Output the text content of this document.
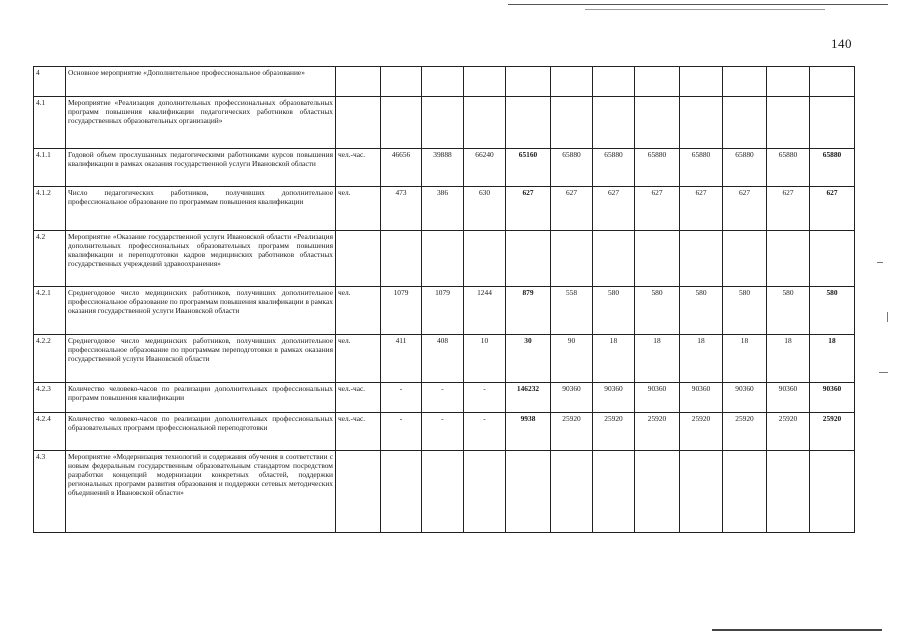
140
4	Основное мероприятие «Дополнительное профессиональное образование»												
4.1	Мероприятие «Реализация дополнительных профессиональных образовательных программ повышения квалификации педагогических работников областных государственных образовательных организаций»												
4.1.1	Годовой объем прослушанных педагогическими работниками курсов повышения квалификации в рамках оказания государственной услуги Ивановской области	чел.-час.	46656	39888	66240	65160	65880	65880	65880	65880	65880	65880	65880
4.1.2	Число педагогических работников, получивших дополнительное профессиональное образование по программам повышения квалификации	чел.	473	386	630	627	627	627	627	627	627	627	627
4.2	Мероприятие «Оказание государственной услуги Ивановской области «Реализация дополнительных профессиональных образовательных программ повышения квалификации и переподготовки кадров медицинских работников областных государственных учреждений здравоохранения»												
4.2.1	Среднегодовое число медицинских работников, получивших дополнительное профессиональное образование по программам повышения квалификации в рамках оказания государственной услуги Ивановской области	чел.	1079	1079	1244	879	558	580	580	580	580	580	580
4.2.2	Среднегодовое число медицинских работников, получивших дополнительное профессиональное образование по программам переподготовки в рамках оказания государственной услуги Ивановской области	чел.	411	408	10	30	90	18	18	18	18	18	18
4.2.3	Количество человеко-часов по реализации дополнительных профессиональных программ повышения квалификации	чел.-час.	-	-	-	146232	90360	90360	90360	90360	90360	90360	90360
4.2.4	Количество человеко-часов по реализации дополнительных профессиональных образовательных программ профессиональной переподготовки	чел.-час.	-	-	-	9938	25920	25920	25920	25920	25920	25920	25920
4.3	Мероприятие «Модернизация технологий и содержания обучения в соответствии с новым федеральным государственным образовательным стандартом посредством разработки концепций модернизации конкретных областей, поддержки региональных программ развития образования и поддержки сетевых методических объединений в Ивановской области»												
